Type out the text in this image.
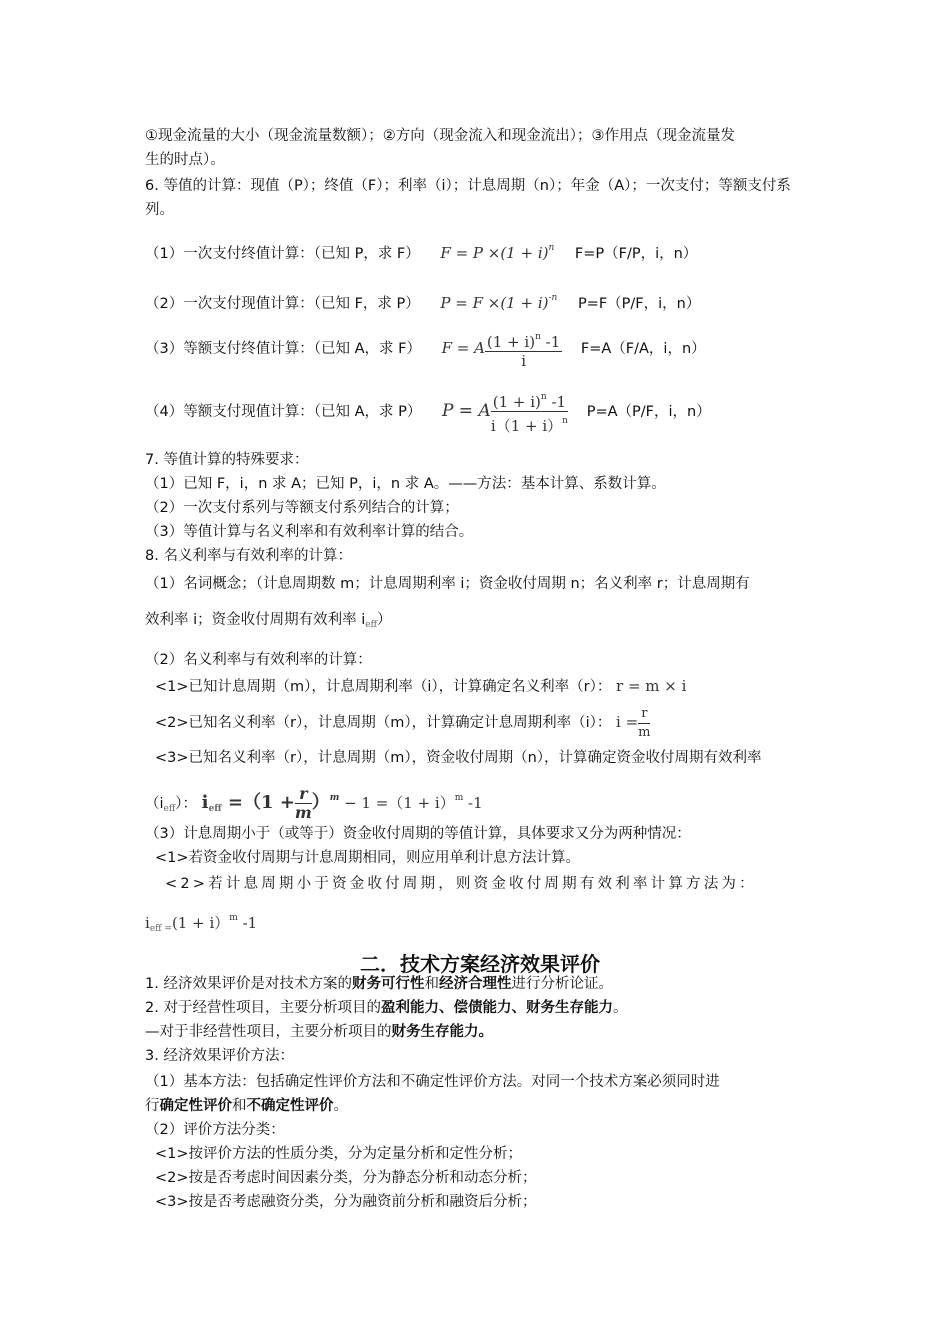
①现金流量的大小（现金流量数额）；②方向（现金流入和现金流出）；③作用点（现金流量发
生的时点）。
6. 等值的计算：现值（P）；终值（F）；利率（i）；计息周期（n）；年金（A）；一次支付；等额支付系
列。
（1）一次支付终值计算：（已知 P，求 F） $F = P \times(1 + i)^n$ F=P（F/P，i，n）
（2）一次支付现值计算：（已知 F，求 P） $P = F \times(1 + i)^{-n}$ P=F（P/F，i，n）
（3）等额支付终值计算：（已知 A，求 F） F = A $\frac{(1 + i)^n -1}{i} F=A(F/A$，i，n）
（4）等额支付现值计算：（已知 A，求 P） P = A $\frac{(1 + i)^n -1}{i(1 + i)^n} P=A(P/F$，i，n）
7. 等值计算的特殊要求：
（1）已知 F，i，n 求 A；已知 P，i，n 求 A。——方法：基本计算、系数计算。
（2）一次支付系列与等额支付系列结合的计算；
（3）等值计算与名义利率和有效利率计算的结合。
8. 名义利率与有效利率的计算：
（1）名词概念；（计息周期数 m；计息周期利率 i；资金收付周期 n；名义利率 r；计息周期有
效利率 i；资金收付周期有效利率 $i_{eff}$）
（2）名义利率与有效利率的计算：
<1>已知计息周期（m），计息周期利率（i），计算确定名义利率（r）： r = m × i
<2>已知名义利率（r），计息周期（m），计算确定计息周期利率（i）： $i = \frac{r}{m}$
<3>已知名义利率（r），计息周期（m），资金收付周期（n），计算确定资金收付周期有效利率
$(i_{eff})$： $i_{eff} =(1 + \frac{r}{m} )^m - 1 =(1 + i)^m$ -1
（3）计息周期小于（或等于）资金收付周期的等值计算，具体要求又分为两种情况：
<1>若资金收付周期与计息周期相同，则应用单利计息方法计算。
<2>若计息周期小于资金收付周期，则资金收付周期有效利率计算方法为：
$i_{eff =}(1 + i)^m$ -1
二．技术方案经济效果评价
1. 经济效果评价是对技术方案的财务可行性和经济合理性进行分析论证。
2. 对于经营性项目，主要分析项目的盈利能力、偿债能力、财务生存能力。
—对于非经营性项目，主要分析项目的财务生存能力。
3. 经济效果评价方法：
（1）基本方法：包括确定性评价方法和不确定性评价方法。对同一个技术方案必须同时进
行确定性评价和不确定性评价。
（2）评价方法分类：
<1>按评价方法的性质分类，分为定量分析和定性分析；
<2>按是否考虑时间因素分类，分为静态分析和动态分析；
<3>按是否考虑融资分类，分为融资前分析和融资后分析；
